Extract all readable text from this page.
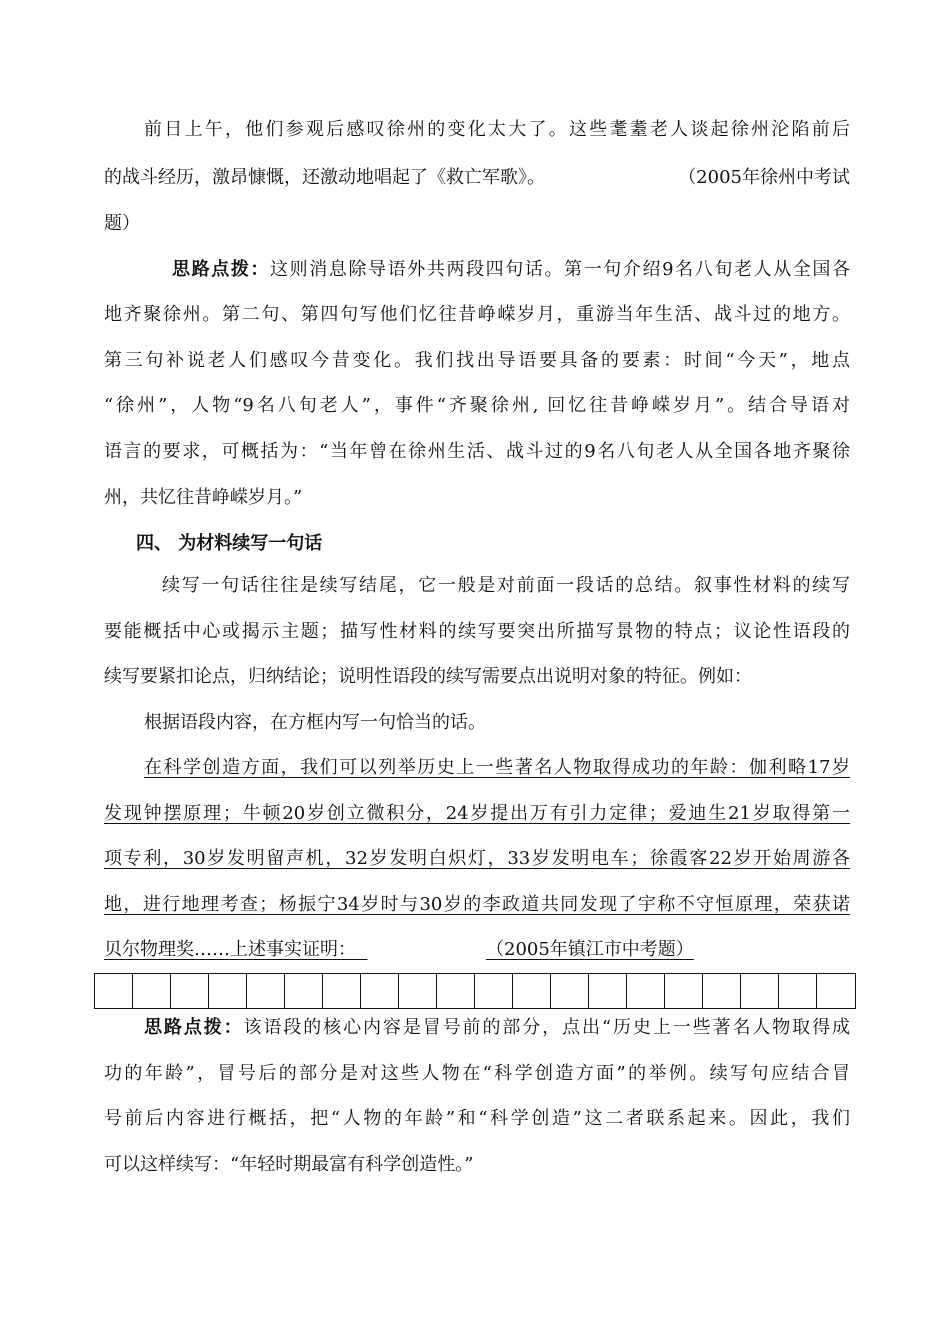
前日上午，他们参观后感叹徐州的变化太大了。这些耄耋老人谈起徐州沦陷前后
的战斗经历，激昂慷慨，还激动地唱起了《救亡军歌》。	（2005年徐州中考试
题）
思路点拨：这则消息除导语外共两段四句话。第一句介绍9名八旬老人从全国各
地齐聚徐州。第二句、第四句写他们忆往昔峥嵘岁月，重游当年生活、战斗过的地方。
第三句补说老人们感叹今昔变化。我们找出导语要具备的要素：时间“今天”，地点
“徐州”，人物“9名八旬老人”，事件“齐聚徐州, 回忆往昔峥嵘岁月”。结合导语对
语言的要求，可概括为：“当年曾在徐州生活、战斗过的9名八旬老人从全国各地齐聚徐
州，共忆往昔峥嵘岁月。”
四、 为材料续写一句话
续写一句话往往是续写结尾，它一般是对前面一段话的总结。叙事性材料的续写
要能概括中心或揭示主题；描写性材料的续写要突出所描写景物的特点；议论性语段的
续写要紧扣论点，归纳结论；说明性语段的续写需要点出说明对象的特征。例如：
根据语段内容，在方框内写一句恰当的话。
在科学创造方面，我们可以列举历史上一些著名人物取得成功的年龄：伽利略17岁
发现钟摆原理；牛顿20岁创立微积分，24岁提出万有引力定律；爱迪生21岁取得第一
项专利，30岁发明留声机，32岁发明白炽灯，33岁发明电车；徐霞客22岁开始周游各
地，进行地理考查；杨振宁34岁时与30岁的李政道共同发现了宇称不守恒原理，荣获诺
贝尔物理奖……上述事实证明： 	（2005年镇江市中考题）
思路点拨：该语段的核心内容是冒号前的部分，点出“历史上一些著名人物取得成
功的年龄”，冒号后的部分是对这些人物在“科学创造方面”的举例。续写句应结合冒
号前后内容进行概括，把“人物的年龄”和“科学创造”这二者联系起来。因此，我们
可以这样续写：“年轻时期最富有科学创造性。”
